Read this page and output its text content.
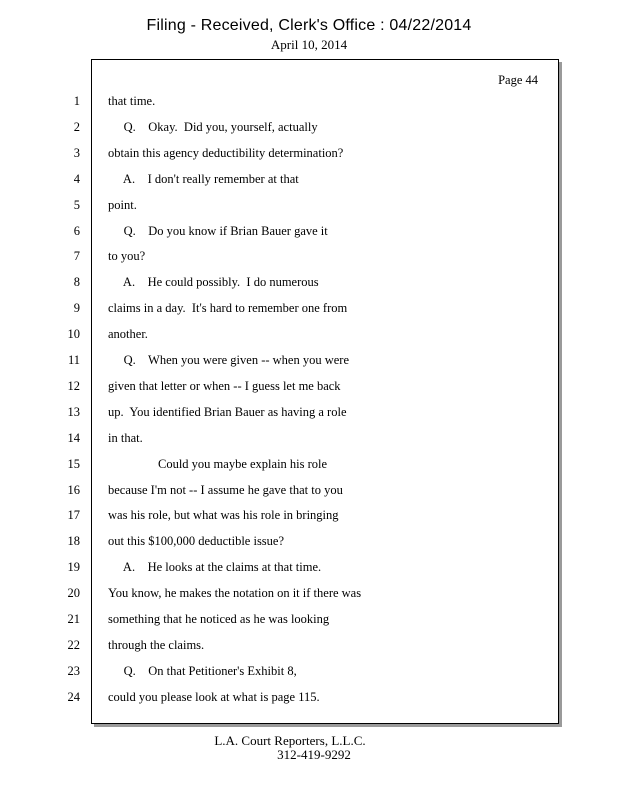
Filing - Received, Clerk's Office : 04/22/2014
April 10, 2014
Page 44
1 that time.
2 Q.    Okay.  Did you, yourself, actually
3 obtain this agency deductibility determination?
4 A.    I don't really remember at that
5 point.
6 Q.    Do you know if Brian Bauer gave it
7 to you?
8 A.    He could possibly.  I do numerous
9 claims in a day.  It's hard to remember one from
10 another.
11 Q.    When you were given -- when you were
12 given that letter or when -- I guess let me back
13 up.  You identified Brian Bauer as having a role
14 in that.
15 Could you maybe explain his role
16 because I'm not -- I assume he gave that to you
17 was his role, but what was his role in bringing
18 out this $100,000 deductible issue?
19 A.    He looks at the claims at that time.
20 You know, he makes the notation on it if there was
21 something that he noticed as he was looking
22 through the claims.
23 Q.    On that Petitioner's Exhibit 8,
24 could you please look at what is page 115.
L.A. Court Reporters, L.L.C.
312-419-9292
